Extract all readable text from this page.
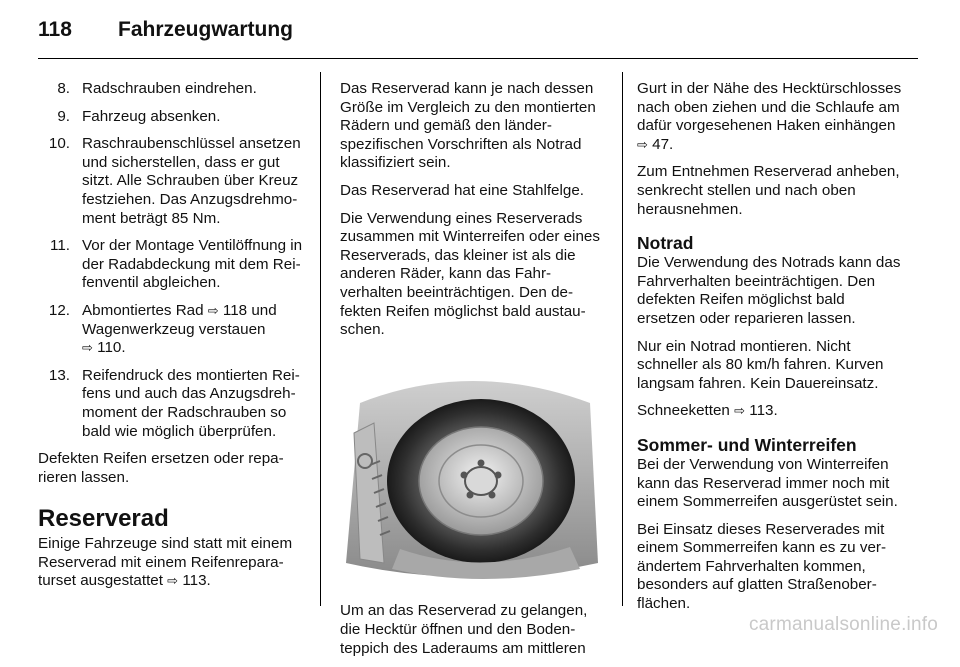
118 Fahrzeugwartung
8. Radschrauben eindrehen.
9. Fahrzeug absenken.
10. Raschraubenschlüssel ansetzen und sicherstellen, dass er gut sitzt. Alle Schrauben über Kreuz festziehen. Das Anzugsdrehmoment beträgt 85 Nm.
11. Vor der Montage Ventilöffnung in der Radabdeckung mit dem Reifenventil abgleichen.
12. Abmontiertes Rad ⇨ 118 und Wagenwerkzeug verstauen ⇨ 110.
13. Reifendruck des montierten Reifens und auch das Anzugsdrehmoment der Radschrauben so bald wie möglich überprüfen.

Defekten Reifen ersetzen oder reparieren lassen.

Reserverad

Einige Fahrzeuge sind statt mit einem Reserverad mit einem Reifenreparaturset ausgestattet ⇨ 113.

Das Reserverad kann je nach dessen Größe im Vergleich zu den montierten Rädern und gemäß den länderspezifischen Vorschriften als Notrad klassifiziert sein.

Das Reserverad hat eine Stahlfelge.

Die Verwendung eines Reserverads zusammen mit Winterreifen oder eines Reserverads, das kleiner ist als die anderen Räder, kann das Fahrverhalten beeinträchtigen. Den defekten Reifen möglichst bald austauschen.

Um an das Reserverad zu gelangen, die Hecktür öffnen und den Bodenteppich des Laderaums am mittleren

Gurt in der Nähe des Hecktürschlosses nach oben ziehen und die Schlaufe am dafür vorgesehenen Haken einhängen ⇨ 47.

Zum Entnehmen Reserverad anheben, senkrecht stellen und nach oben herausnehmen.

Notrad

Die Verwendung des Notrads kann das Fahrverhalten beeinträchtigen. Den defekten Reifen möglichst bald ersetzen oder reparieren lassen.

Nur ein Notrad montieren. Nicht schneller als 80 km/h fahren. Kurven langsam fahren. Kein Dauereinsatz.

Schneeketten ⇨ 113.

Sommer- und Winterreifen

Bei der Verwendung von Winterreifen kann das Reserverad immer noch mit einem Sommerreifen ausgerüstet sein.

Bei Einsatz dieses Reserverades mit einem Sommerreifen kann es zu verändertem Fahrverhalten kommen, besonders auf glatten Straßenoberflächen.

carmanualsonline.info
